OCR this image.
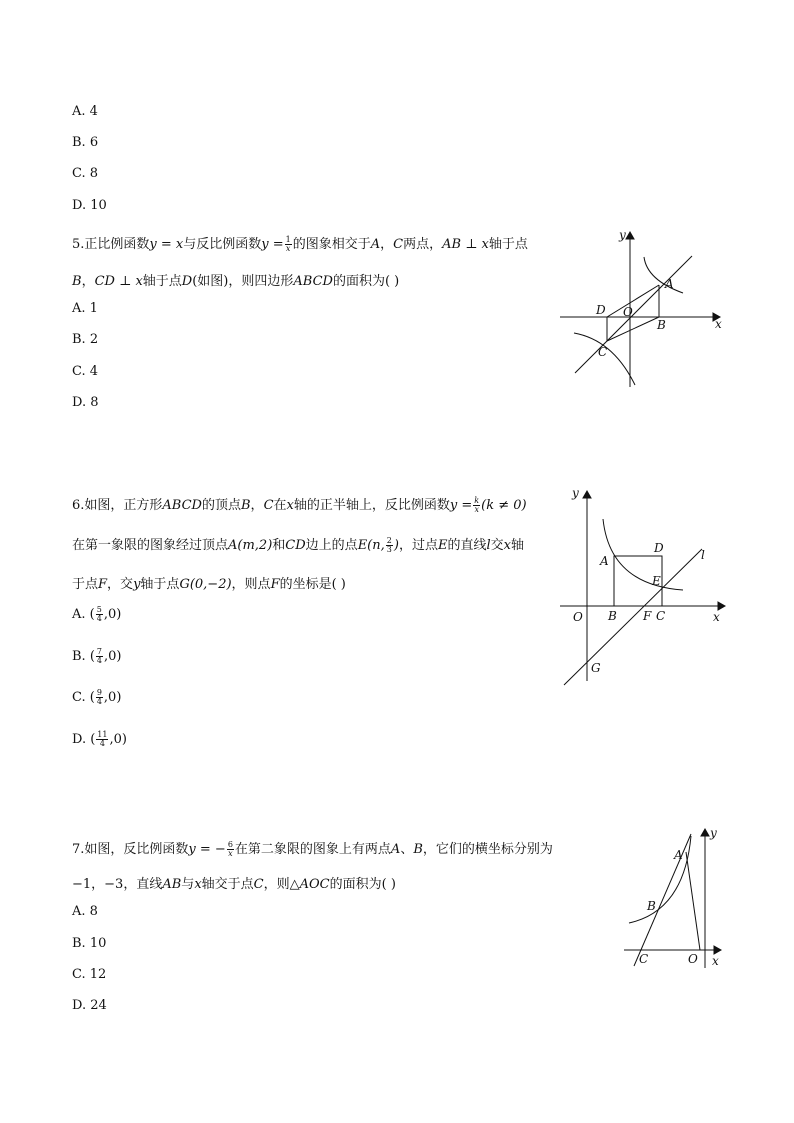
A. 4
B. 6
C. 8
D. 10
5.正比例函数y = x与反比例函数$y = \frac{1}{x}$ 的图象相交于A，C两点，AB ⊥ x轴于点
B，CD ⊥ x轴于点D(如图)，则四边形ABCD的面积为( )
A. 1
B. 2
C. 4
D. 8
y
x
A
B
C
D O
6.如图，正方形ABCD的顶点B，C在x轴的正半轴上，反比例函数$y = \frac{k}{x} (k \ne 0)$
在第一象限的图象经过顶点A(m,2)和CD边上的点E(n, $\frac{2}{3}$ )，过点E的直线l交x轴
于点F，交y轴于点G(0,−2)，则点F的坐标是( )
A. ( $\frac{5}{4} ,0$)
B. ( $\frac{7}{4} ,0$)
C. ( $\frac{9}{4} ,0$)
D. ( $\frac{11}{4} ,0$)
y
x
A
D
E
B F C
O
G
l
7.如图，反比例函数y = − $\frac{6}{x}$ 在第二象限的图象上有两点A、B，它们的横坐标分别为
−1，−3，直线AB与x轴交于点C，则△AOC的面积为( )
A. 8
B. 10
C. 12
D. 24
y
x
A
B
C	O
